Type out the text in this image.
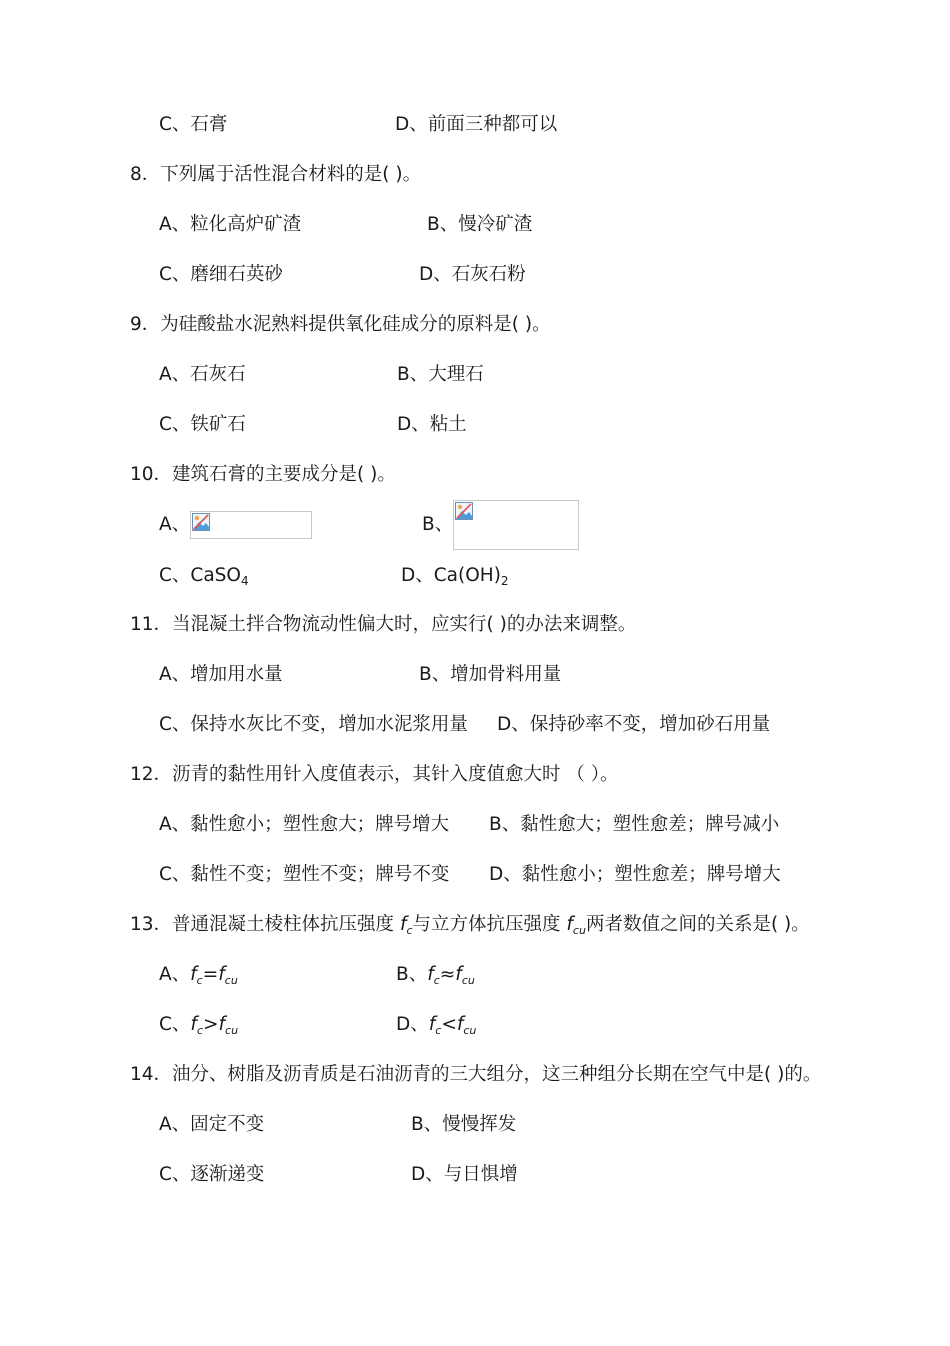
C、石膏	D、前面三种都可以
8．下列属于活性混合材料的是( )。
A、粒化高炉矿渣	B、慢冷矿渣
C、磨细石英砂	D、石灰石粉
9．为硅酸盐水泥熟料提供氧化硅成分的原料是( )。
A、石灰石	B、大理石
C、铁矿石	D、粘土
10．建筑石膏的主要成分是( )。
A、	B、
C、CaSO$_4$	D、$Ca(OH)_2$
11．当混凝土拌合物流动性偏大时，应实行( )的办法来调整。
A、增加用水量	B、增加骨料用量
C、保持水灰比不变，增加水泥浆用量 D、保持砂率不变，增加砂石用量
12．沥青的黏性用针入度值表示，其针入度值愈大时 （ ）。
A、黏性愈小；塑性愈大；牌号增大 B、黏性愈大；塑性愈差；牌号减小
C、黏性不变；塑性不变；牌号不变 D、黏性愈小；塑性愈差；牌号增大
13．普通混凝土棱柱体抗压强度 $f_c$与立方体抗压强度 $f_{cu}$两者数值之间的关系是( )。
A、$f_c=f_{cu}$	B、$f_c\approx f_{cu}$
C、$f_c>f_{cu}$	D、$f_c<f_{cu}$
14．油分、树脂及沥青质是石油沥青的三大组分，这三种组分长期在空气中是( )的。
A、固定不变	B、慢慢挥发
C、逐渐递变	D、与日惧增
